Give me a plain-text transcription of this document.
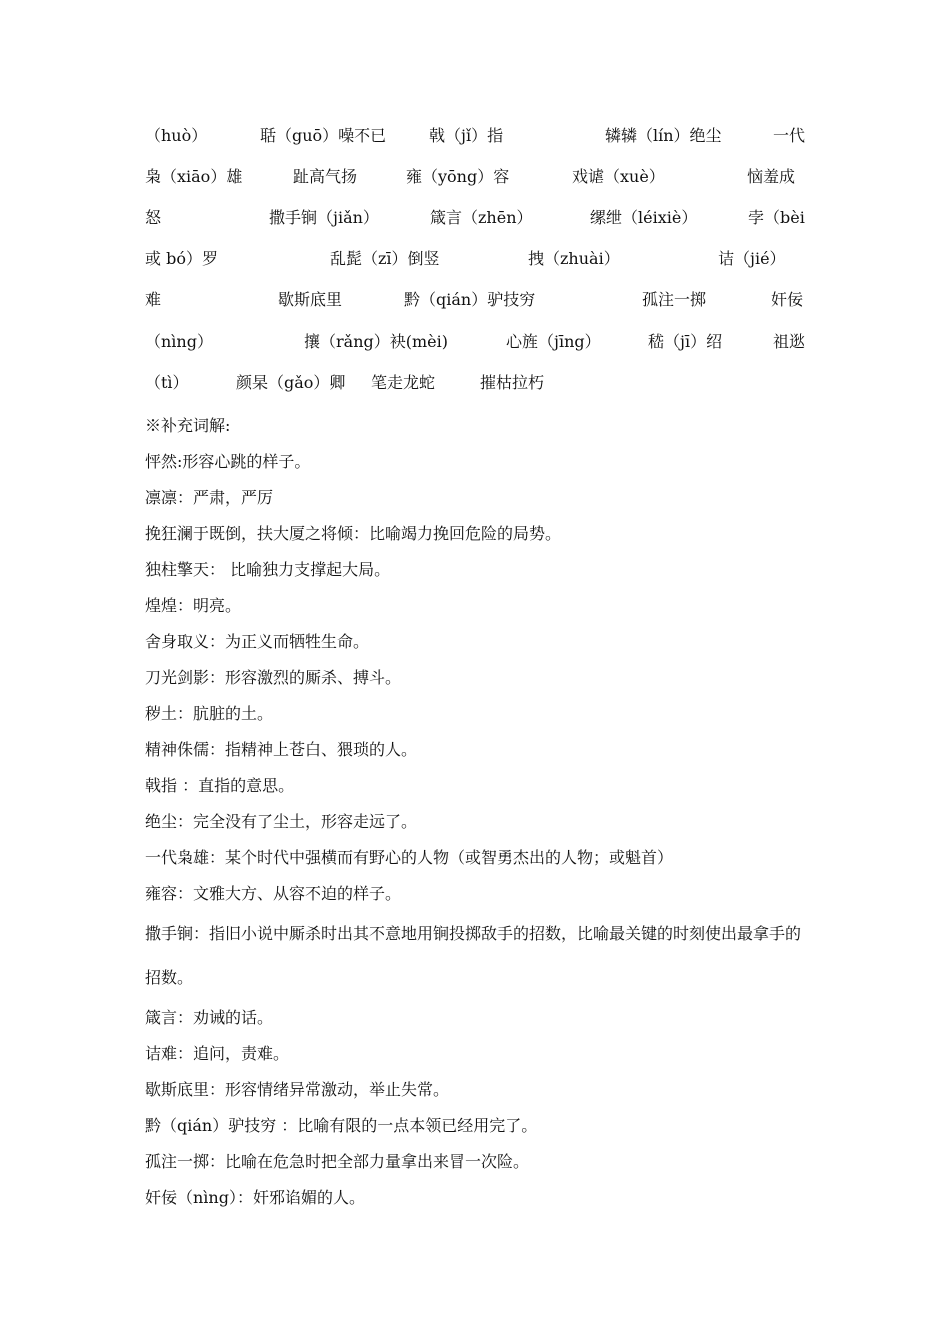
（huò）	聒（guō）噪不已	戟（jǐ）指	辚辚（lín）绝尘	一代
枭（xiāo）雄	趾高气扬	雍（yōng）容	戏谑（xuè）	恼羞成
怒	撒手锏（jiǎn）	箴言（zhēn）	缧绁（léixiè）	孛（bèi
或 bó）罗	乱髭（zī）倒竖	拽（zhuài）	诘（jié）
难	歇斯底里	黔（qián）驴技穷	孤注一掷	奸佞
（nìng）	攘（rǎng）袂(mèi)	心旌（jīng）	嵇（jī）绍	祖逖
（tì）	颜杲（gǎo）卿 笔走龙蛇	摧枯拉朽
※补充词解:
怦然:形容心跳的样子。
凛凛：严肃，严厉
挽狂澜于既倒，扶大厦之将倾：比喻竭力挽回危险的局势。
独柱擎天： 比喻独力支撑起大局。
煌煌：明亮。
舍身取义：为正义而牺牲生命。
刀光剑影：形容激烈的厮杀、搏斗。
秽土：肮脏的土。
精神侏儒：指精神上苍白、猥琐的人。
戟指 ：直指的意思。
绝尘：完全没有了尘土，形容走远了。
一代枭雄：某个时代中强横而有野心的人物（或智勇杰出的人物；或魁首）
雍容：文雅大方、从容不迫的样子。
撒手锏：指旧小说中厮杀时出其不意地用锏投掷敌手的招数，比喻最关键的时刻使出最拿手的招数。
箴言：劝诫的话。
诘难：追问，责难。
歇斯底里：形容情绪异常激动，举止失常。
黔（qián）驴技穷 ：比喻有限的一点本领已经用完了。
孤注一掷：比喻在危急时把全部力量拿出来冒一次险。
奸佞（nìng）：奸邪谄媚的人。
